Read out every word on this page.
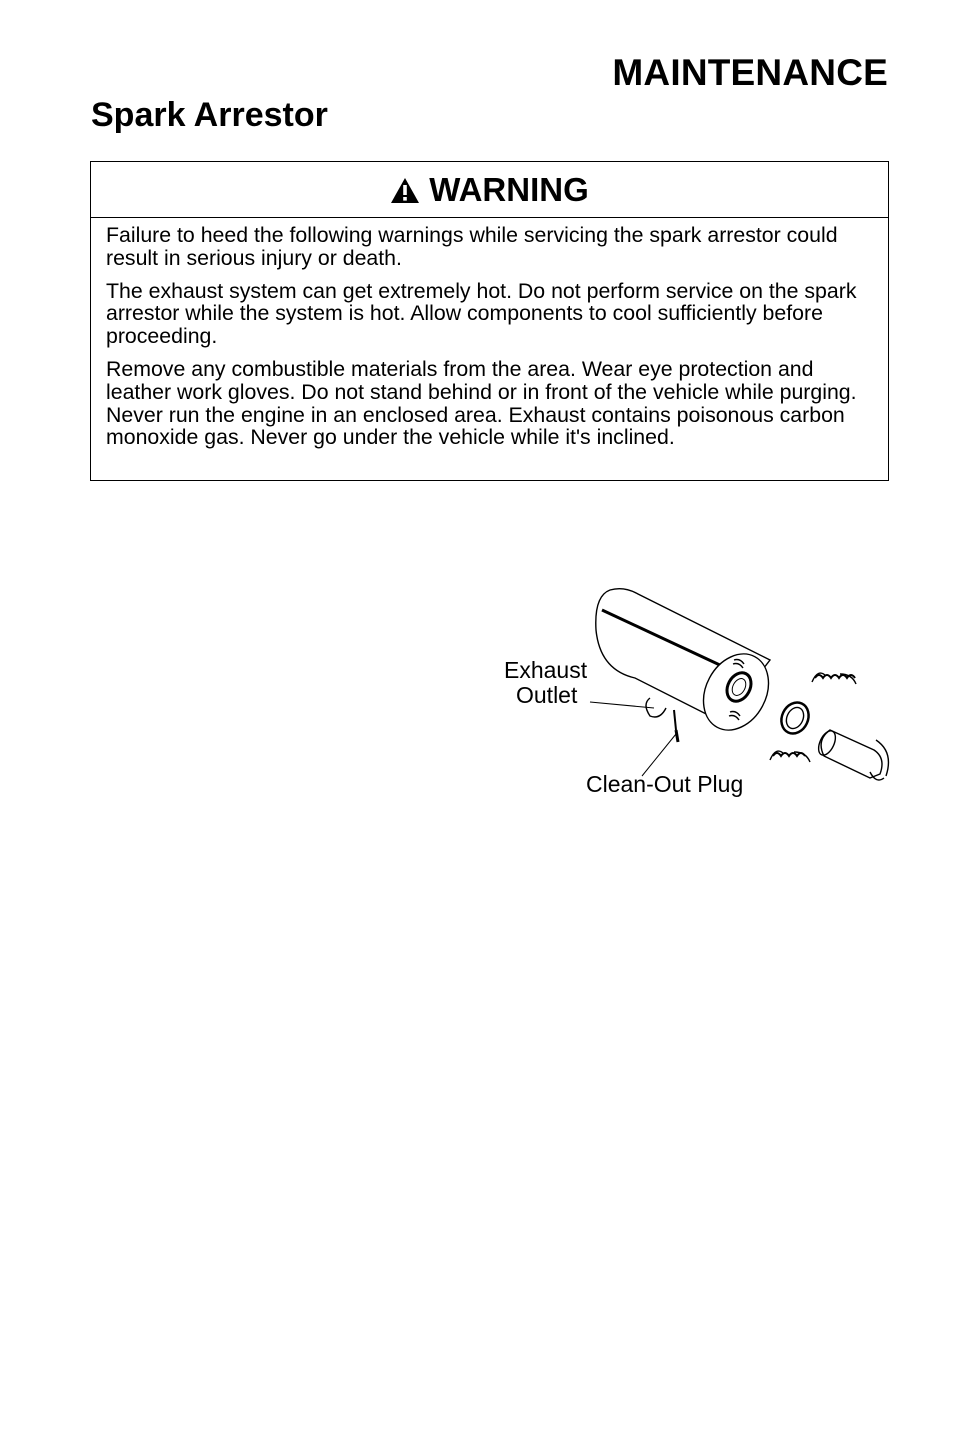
MAINTENANCE
Spark Arrestor
WARNING

Failure to heed the following warnings while servicing the spark arrestor could result in serious injury or death.

The exhaust system can get extremely hot. Do not perform service on the spark arrestor while the system is hot. Allow components to cool sufficiently before proceeding.

Remove any combustible materials from the area. Wear eye protection and leather work gloves. Do not stand behind or in front of the vehicle while purging. Never run the engine in an enclosed area. Exhaust contains poisonous carbon monoxide gas. Never go under the vehicle while it's inclined.

Exhaust
Outlet
Clean-Out Plug
